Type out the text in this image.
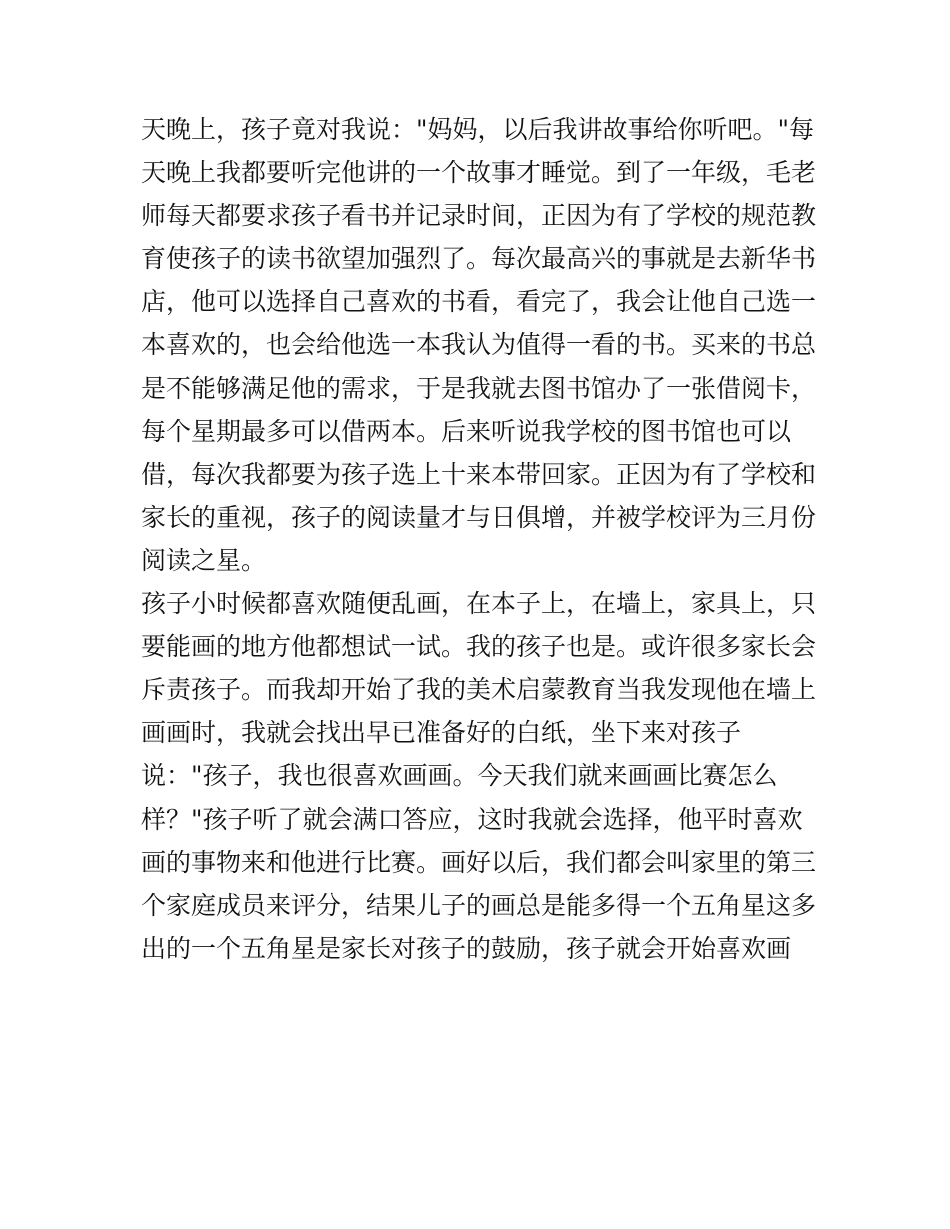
天晚上，孩子竟对我说："妈妈，以后我讲故事给你听吧。"每
天晚上我都要听完他讲的一个故事才睡觉。到了一年级，毛老
师每天都要求孩子看书并记录时间，正因为有了学校的规范教
育使孩子的读书欲望加强烈了。每次最高兴的事就是去新华书
店，他可以选择自己喜欢的书看，看完了，我会让他自己选一
本喜欢的，也会给他选一本我认为值得一看的书。买来的书总
是不能够满足他的需求，于是我就去图书馆办了一张借阅卡，
每个星期最多可以借两本。后来听说我学校的图书馆也可以
借，每次我都要为孩子选上十来本带回家。正因为有了学校和
家长的重视，孩子的阅读量才与日俱增，并被学校评为三月份
阅读之星。
孩子小时候都喜欢随便乱画，在本子上，在墙上，家具上，只
要能画的地方他都想试一试。我的孩子也是。或许很多家长会
斥责孩子。而我却开始了我的美术启蒙教育当我发现他在墙上
画画时，我就会找出早已准备好的白纸，坐下来对孩子
说："孩子，我也很喜欢画画。今天我们就来画画比赛怎么
样？"孩子听了就会满口答应，这时我就会选择，他平时喜欢
画的事物来和他进行比赛。画好以后，我们都会叫家里的第三
个家庭成员来评分，结果儿子的画总是能多得一个五角星这多
出的一个五角星是家长对孩子的鼓励，孩子就会开始喜欢画
